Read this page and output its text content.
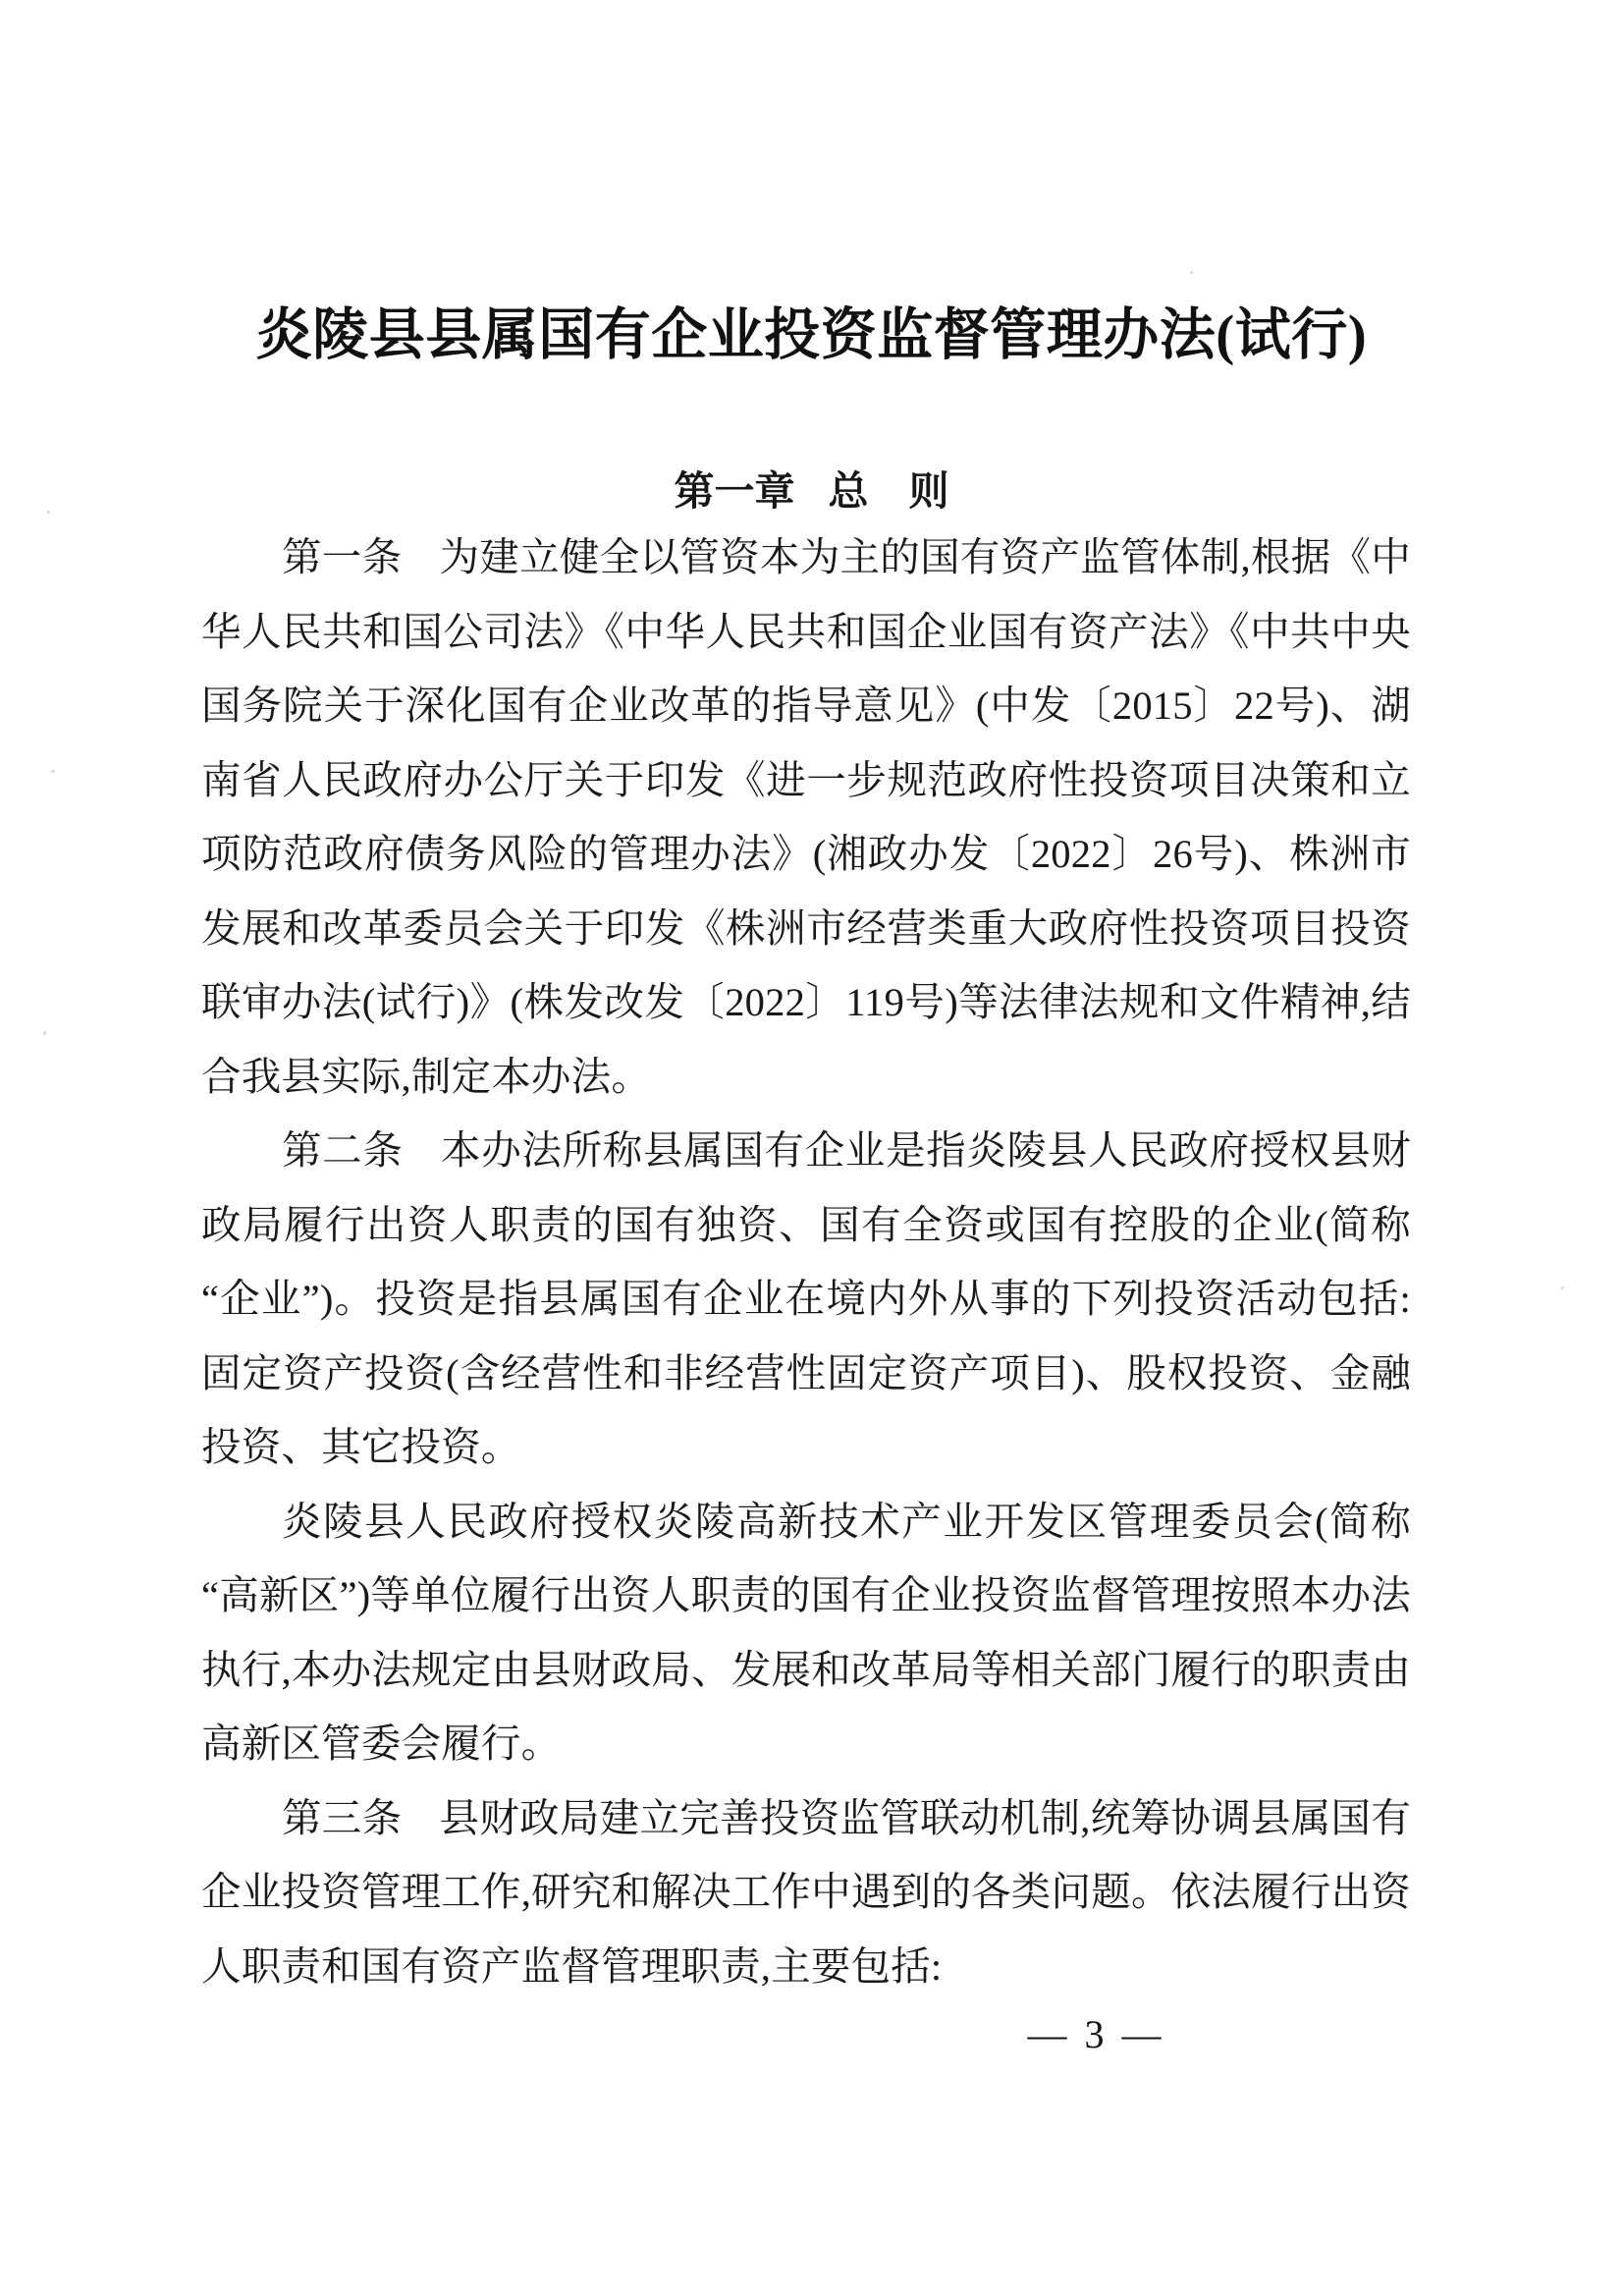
炎陵县县属国有企业投资监督管理办法(试行)
第一章 总　则

第一条 为建立健全以管资本为主的国有资产监管体制,根据《中华人民共和国公司法》《中华人民共和国企业国有资产法》《中共中央国务院关于深化国有企业改革的指导意见》(中发〔2015〕22号)、湖南省人民政府办公厅关于印发《进一步规范政府性投资项目决策和立项防范政府债务风险的管理办法》(湘政办发〔2022〕26号)、株洲市发展和改革委员会关于印发《株洲市经营类重大政府性投资项目投资联审办法(试行)》(株发改发〔2022〕119号)等法律法规和文件精神,结合我县实际,制定本办法。

第二条 本办法所称县属国有企业是指炎陵县人民政府授权县财政局履行出资人职责的国有独资、国有全资或国有控股的企业(简称“企业”)。投资是指县属国有企业在境内外从事的下列投资活动包括:固定资产投资(含经营性和非经营性固定资产项目)、股权投资、金融投资、其它投资。

炎陵县人民政府授权炎陵高新技术产业开发区管理委员会(简称“高新区”)等单位履行出资人职责的国有企业投资监督管理按照本办法执行,本办法规定由县财政局、发展和改革局等相关部门履行的职责由高新区管委会履行。

第三条 县财政局建立完善投资监管联动机制,统筹协调县属国有企业投资管理工作,研究和解决工作中遇到的各类问题。依法履行出资人职责和国有资产监督管理职责,主要包括:

— 3 —
